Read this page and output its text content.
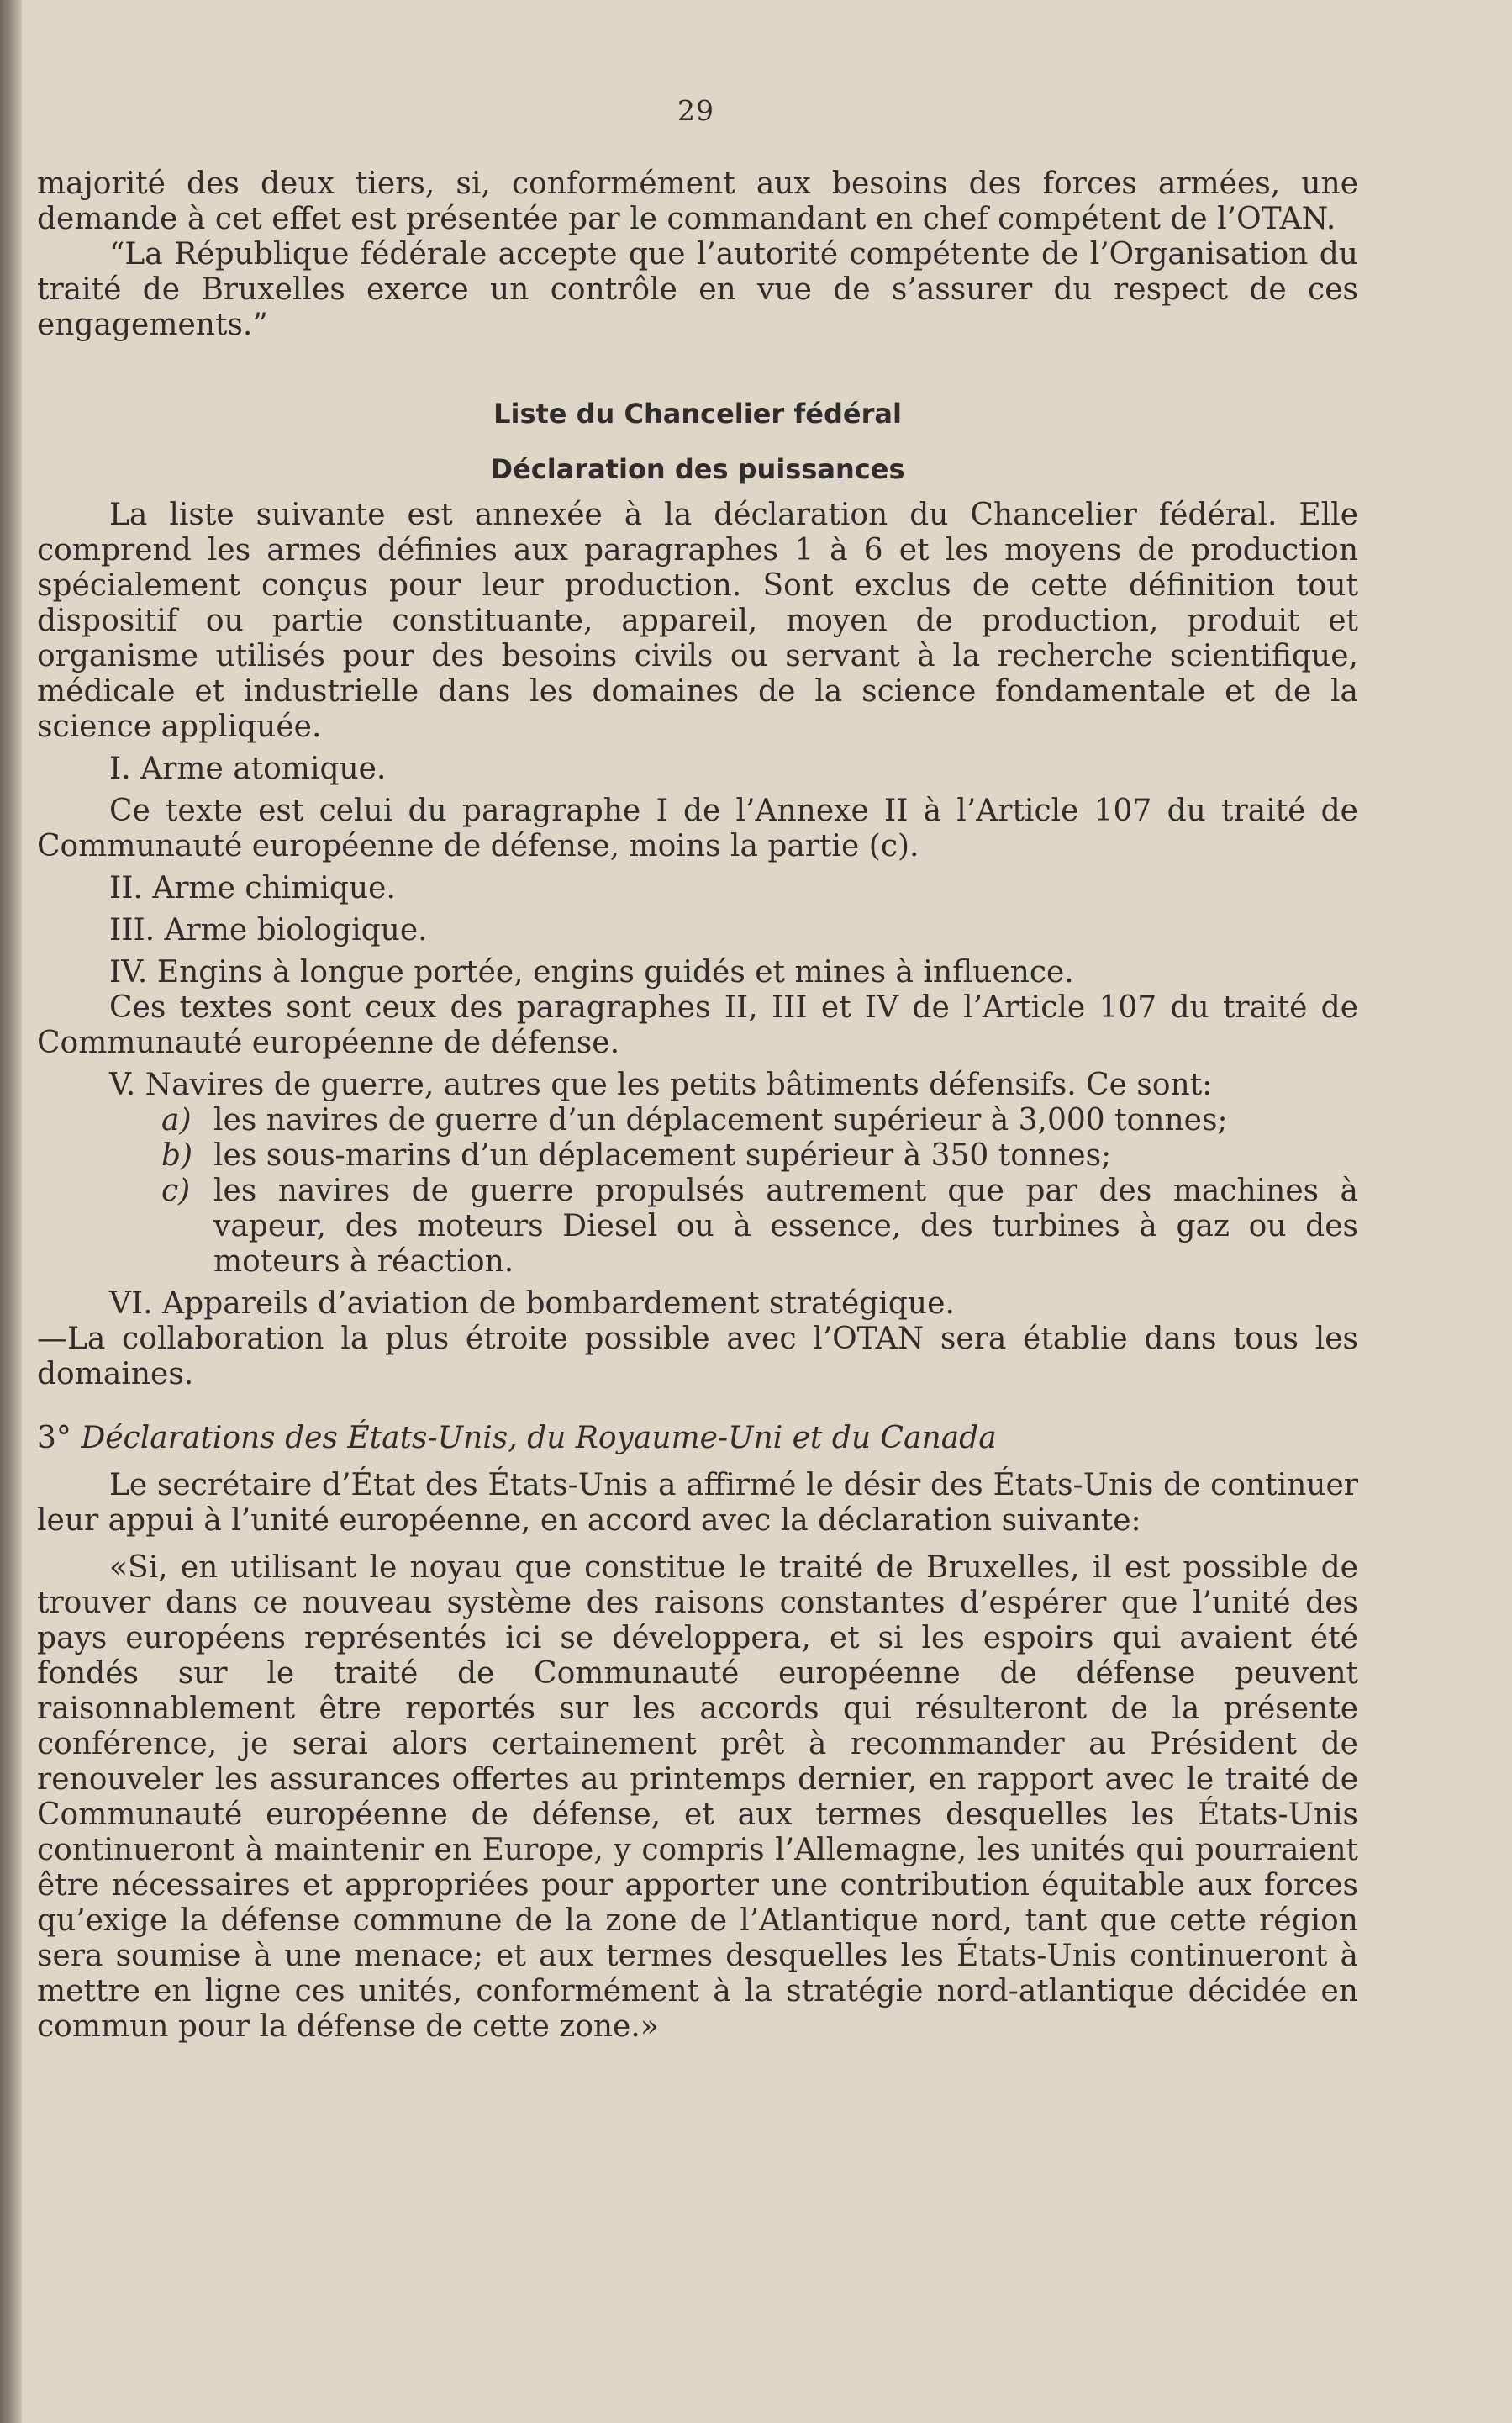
29

majorité des deux tiers, si, conformément aux besoins des forces armées, une demande à cet effet est présentée par le commandant en chef compétent de l’OTAN.

“La République fédérale accepte que l’autorité compétente de l’Organisation du traité de Bruxelles exerce un contrôle en vue de s’assurer du respect de ces engagements.”

Liste du Chancelier fédéral

Déclaration des puissances

La liste suivante est annexée à la déclaration du Chancelier fédéral. Elle comprend les armes définies aux paragraphes 1 à 6 et les moyens de production spécialement conçus pour leur production. Sont exclus de cette définition tout dispositif ou partie constituante, appareil, moyen de production, produit et organisme utilisés pour des besoins civils ou servant à la recherche scientifique, médicale et industrielle dans les domaines de la science fondamentale et de la science appliquée.

I. Arme atomique.

Ce texte est celui du paragraphe I de l’Annexe II à l’Article 107 du traité de Communauté européenne de défense, moins la partie (c).

II. Arme chimique.

III. Arme biologique.

IV. Engins à longue portée, engins guidés et mines à influence.

Ces textes sont ceux des paragraphes II, III et IV de l’Article 107 du traité de Communauté européenne de défense.

V. Navires de guerre, autres que les petits bâtiments défensifs. Ce sont:

a) les navires de guerre d’un déplacement supérieur à 3,000 tonnes;

b) les sous-marins d’un déplacement supérieur à 350 tonnes;

c) les navires de guerre propulsés autrement que par des machines à vapeur, des moteurs Diesel ou à essence, des turbines à gaz ou des moteurs à réaction.

VI. Appareils d’aviation de bombardement stratégique.

—La collaboration la plus étroite possible avec l’OTAN sera établie dans tous les domaines.

3° Déclarations des États-Unis, du Royaume-Uni et du Canada

Le secrétaire d’État des États-Unis a affirmé le désir des États-Unis de continuer leur appui à l’unité européenne, en accord avec la déclaration suivante:

«Si, en utilisant le noyau que constitue le traité de Bruxelles, il est possible de trouver dans ce nouveau système des raisons constantes d’espérer que l’unité des pays européens représentés ici se développera, et si les espoirs qui avaient été fondés sur le traité de Communauté européenne de défense peuvent raisonnablement être reportés sur les accords qui résulteront de la présente conférence, je serai alors certainement prêt à recommander au Président de renouveler les assurances offertes au printemps dernier, en rapport avec le traité de Communauté européenne de défense, et aux termes desquelles les États-Unis continueront à maintenir en Europe, y compris l’Allemagne, les unités qui pourraient être nécessaires et appropriées pour apporter une contribution équitable aux forces qu’exige la défense commune de la zone de l’Atlantique nord, tant que cette région sera soumise à une menace; et aux termes desquelles les États-Unis continueront à mettre en ligne ces unités, conformément à la stratégie nord-atlantique décidée en commun pour la défense de cette zone.»
